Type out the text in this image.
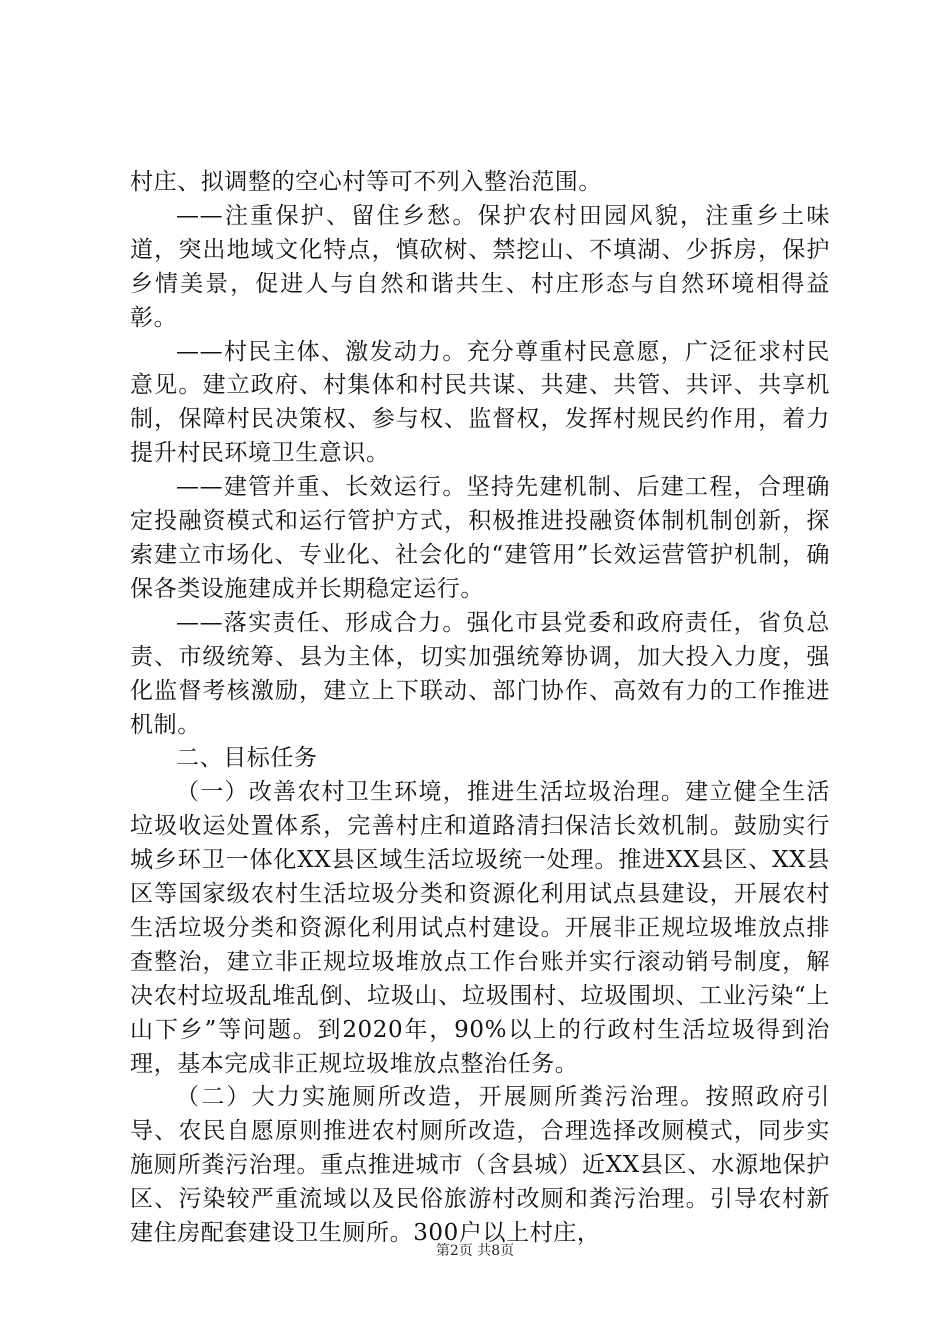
村庄、拟调整的空心村等可不列入整治范围。

——注重保护、留住乡愁。保护农村田园风貌，注重乡土味道，突出地域文化特点，慎砍树、禁挖山、不填湖、少拆房，保护乡情美景，促进人与自然和谐共生、村庄形态与自然环境相得益彰。

——村民主体、激发动力。充分尊重村民意愿，广泛征求村民意见。建立政府、村集体和村民共谋、共建、共管、共评、共享机制，保障村民决策权、参与权、监督权，发挥村规民约作用，着力提升村民环境卫生意识。

——建管并重、长效运行。坚持先建机制、后建工程，合理确定投融资模式和运行管护方式，积极推进投融资体制机制创新，探索建立市场化、专业化、社会化的“建管用”长效运营管护机制，确保各类设施建成并长期稳定运行。

——落实责任、形成合力。强化市县党委和政府责任，省负总责、市级统筹、县为主体，切实加强统筹协调，加大投入力度，强化监督考核激励，建立上下联动、部门协作、高效有力的工作推进机制。

二、目标任务

（一）改善农村卫生环境，推进生活垃圾治理。建立健全生活垃圾收运处置体系，完善村庄和道路清扫保洁长效机制。鼓励实行城乡环卫一体化XX县区域生活垃圾统一处理。推进XX县区、XX县区等国家级农村生活垃圾分类和资源化利用试点县建设，开展农村生活垃圾分类和资源化利用试点村建设。开展非正规垃圾堆放点排查整治，建立非正规垃圾堆放点工作台账并实行滚动销号制度，解决农村垃圾乱堆乱倒、垃圾山、垃圾围村、垃圾围坝、工业污染“上山下乡”等问题。到2020年，90%以上的行政村生活垃圾得到治理，基本完成非正规垃圾堆放点整治任务。

（二）大力实施厕所改造，开展厕所粪污治理。按照政府引导、农民自愿原则推进农村厕所改造，合理选择改厕模式，同步实施厕所粪污治理。重点推进城市（含县城）近XX县区、水源地保护区、污染较严重流域以及民俗旅游村改厕和粪污治理。引导农村新建住房配套建设卫生厕所。300户以上村庄，

第2页 共8页
